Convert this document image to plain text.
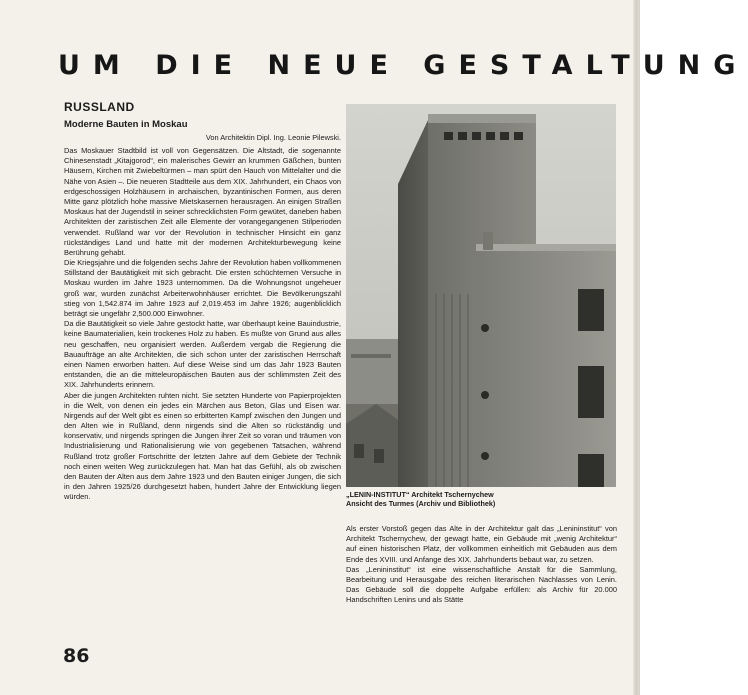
UM DIE NEUE GESTALTUNG
RUSSLAND
Moderne Bauten in Moskau
Von Architektin Dipl. Ing. Leonie Pilewski.

Das Moskauer Stadtbild ist voll von Gegensätzen. Die Altstadt, die sogenannte Chinesenstadt „Kitajgorod“, ein malerisches Gewirr an krummen Gäßchen, bunten Häusern, Kirchen mit Zwiebeltürmen – man spürt den Hauch von Mittelalter und die Nähe von Asien –. Die neueren Stadtteile aus dem XIX. Jahrhundert, ein Chaos von erdgeschossigen Holzhäusern in archaischen, byzantinischen Formen, aus deren Mitte ganz plötzlich hohe massive Mietskasernen herausragen. An einigen Straßen Moskaus hat der Jugendstil in seiner schrecklichsten Form gewütet, daneben haben Architekten der zaristischen Zeit alle Elemente der vorangegangenen Stilperioden verwendet. Rußland war vor der Revolution in technischer Hinsicht ein ganz rückständiges Land und hatte mit der modernen Architekturbewegung keine Berührung gehabt.

Die Kriegsjahre und die folgenden sechs Jahre der Revolution haben vollkommenen Stillstand der Bautätigkeit mit sich gebracht. Die ersten schüchternen Versuche in Moskau wurden im Jahre 1923 unternommen. Da die Wohnungsnot ungeheuer groß war, wurden zunächst Arbeiterwohnhäuser errichtet. Die Bevölkerungszahl stieg von 1,542.874 im Jahre 1923 auf 2,019.453 im Jahre 1926; augenblicklich beträgt sie ungefähr 2,500.000 Einwohner.

Da die Bautätigkeit so viele Jahre gestockt hatte, war überhaupt keine Bauindustrie, keine Baumaterialien, kein trockenes Holz zu haben. Es mußte von Grund aus alles neu geschaffen, neu organisiert werden. Außerdem vergab die Regierung die Bauaufträge an alte Architekten, die sich schon unter der zaristischen Herrschaft einen Namen erworben hatten. Auf diese Weise sind um das Jahr 1923 Bauten entstanden, die an die mitteleuropäischen Bauten aus der schlimmsten Zeit des XIX. Jahrhunderts erinnern.

Aber die jungen Architekten ruhten nicht. Sie setzten Hunderte von Papierprojekten in die Welt, von denen ein jedes ein Märchen aus Beton, Glas und Eisen war. Nirgends auf der Welt gibt es einen so erbitterten Kampf zwischen den Jungen und den Alten wie in Rußland, denn nirgends sind die Alten so rückständig und konservativ, und nirgends springen die Jungen ihrer Zeit so voran und träumen von Industrialisierung und Rationalisierung wie von gegebenen Tatsachen, während Rußland trotz großer Fortschritte der letzten Jahre auf dem Gebiete der Technik noch einen weiten Weg zurückzulegen hat. Man hat das Gefühl, als ob zwischen den Bauten der Alten aus dem Jahre 1923 und den Bauten einiger Jungen, die sich in den Jahren 1925/26 durchgesetzt haben, hundert Jahre der Entwicklung liegen würden.	„LENIN-INSTITUT“ Architekt Tschernychew
Ansicht des Turmes (Archiv und Bibliothek)
Als erster Vorstoß gegen das Alte in der Architektur galt das „Lenininstitut“ von Architekt Tschernychew, der gewagt hatte, ein Gebäude mit „wenig Architektur“ auf einen historischen Platz, der vollkommen einheitlich mit Gebäuden aus dem Ende des XVIII. und Anfange des XIX. Jahrhunderts bebaut war, zu setzen.
Das „Lenininstitut“ ist eine wissenschaftliche Anstalt für die Sammlung, Bearbeitung und Herausgabe des reichen literarischen Nachlasses von Lenin. Das Gebäude soll die doppelte Aufgabe erfüllen: als Archiv für 20.000 Handschriften Lenins und als Stätte
86
